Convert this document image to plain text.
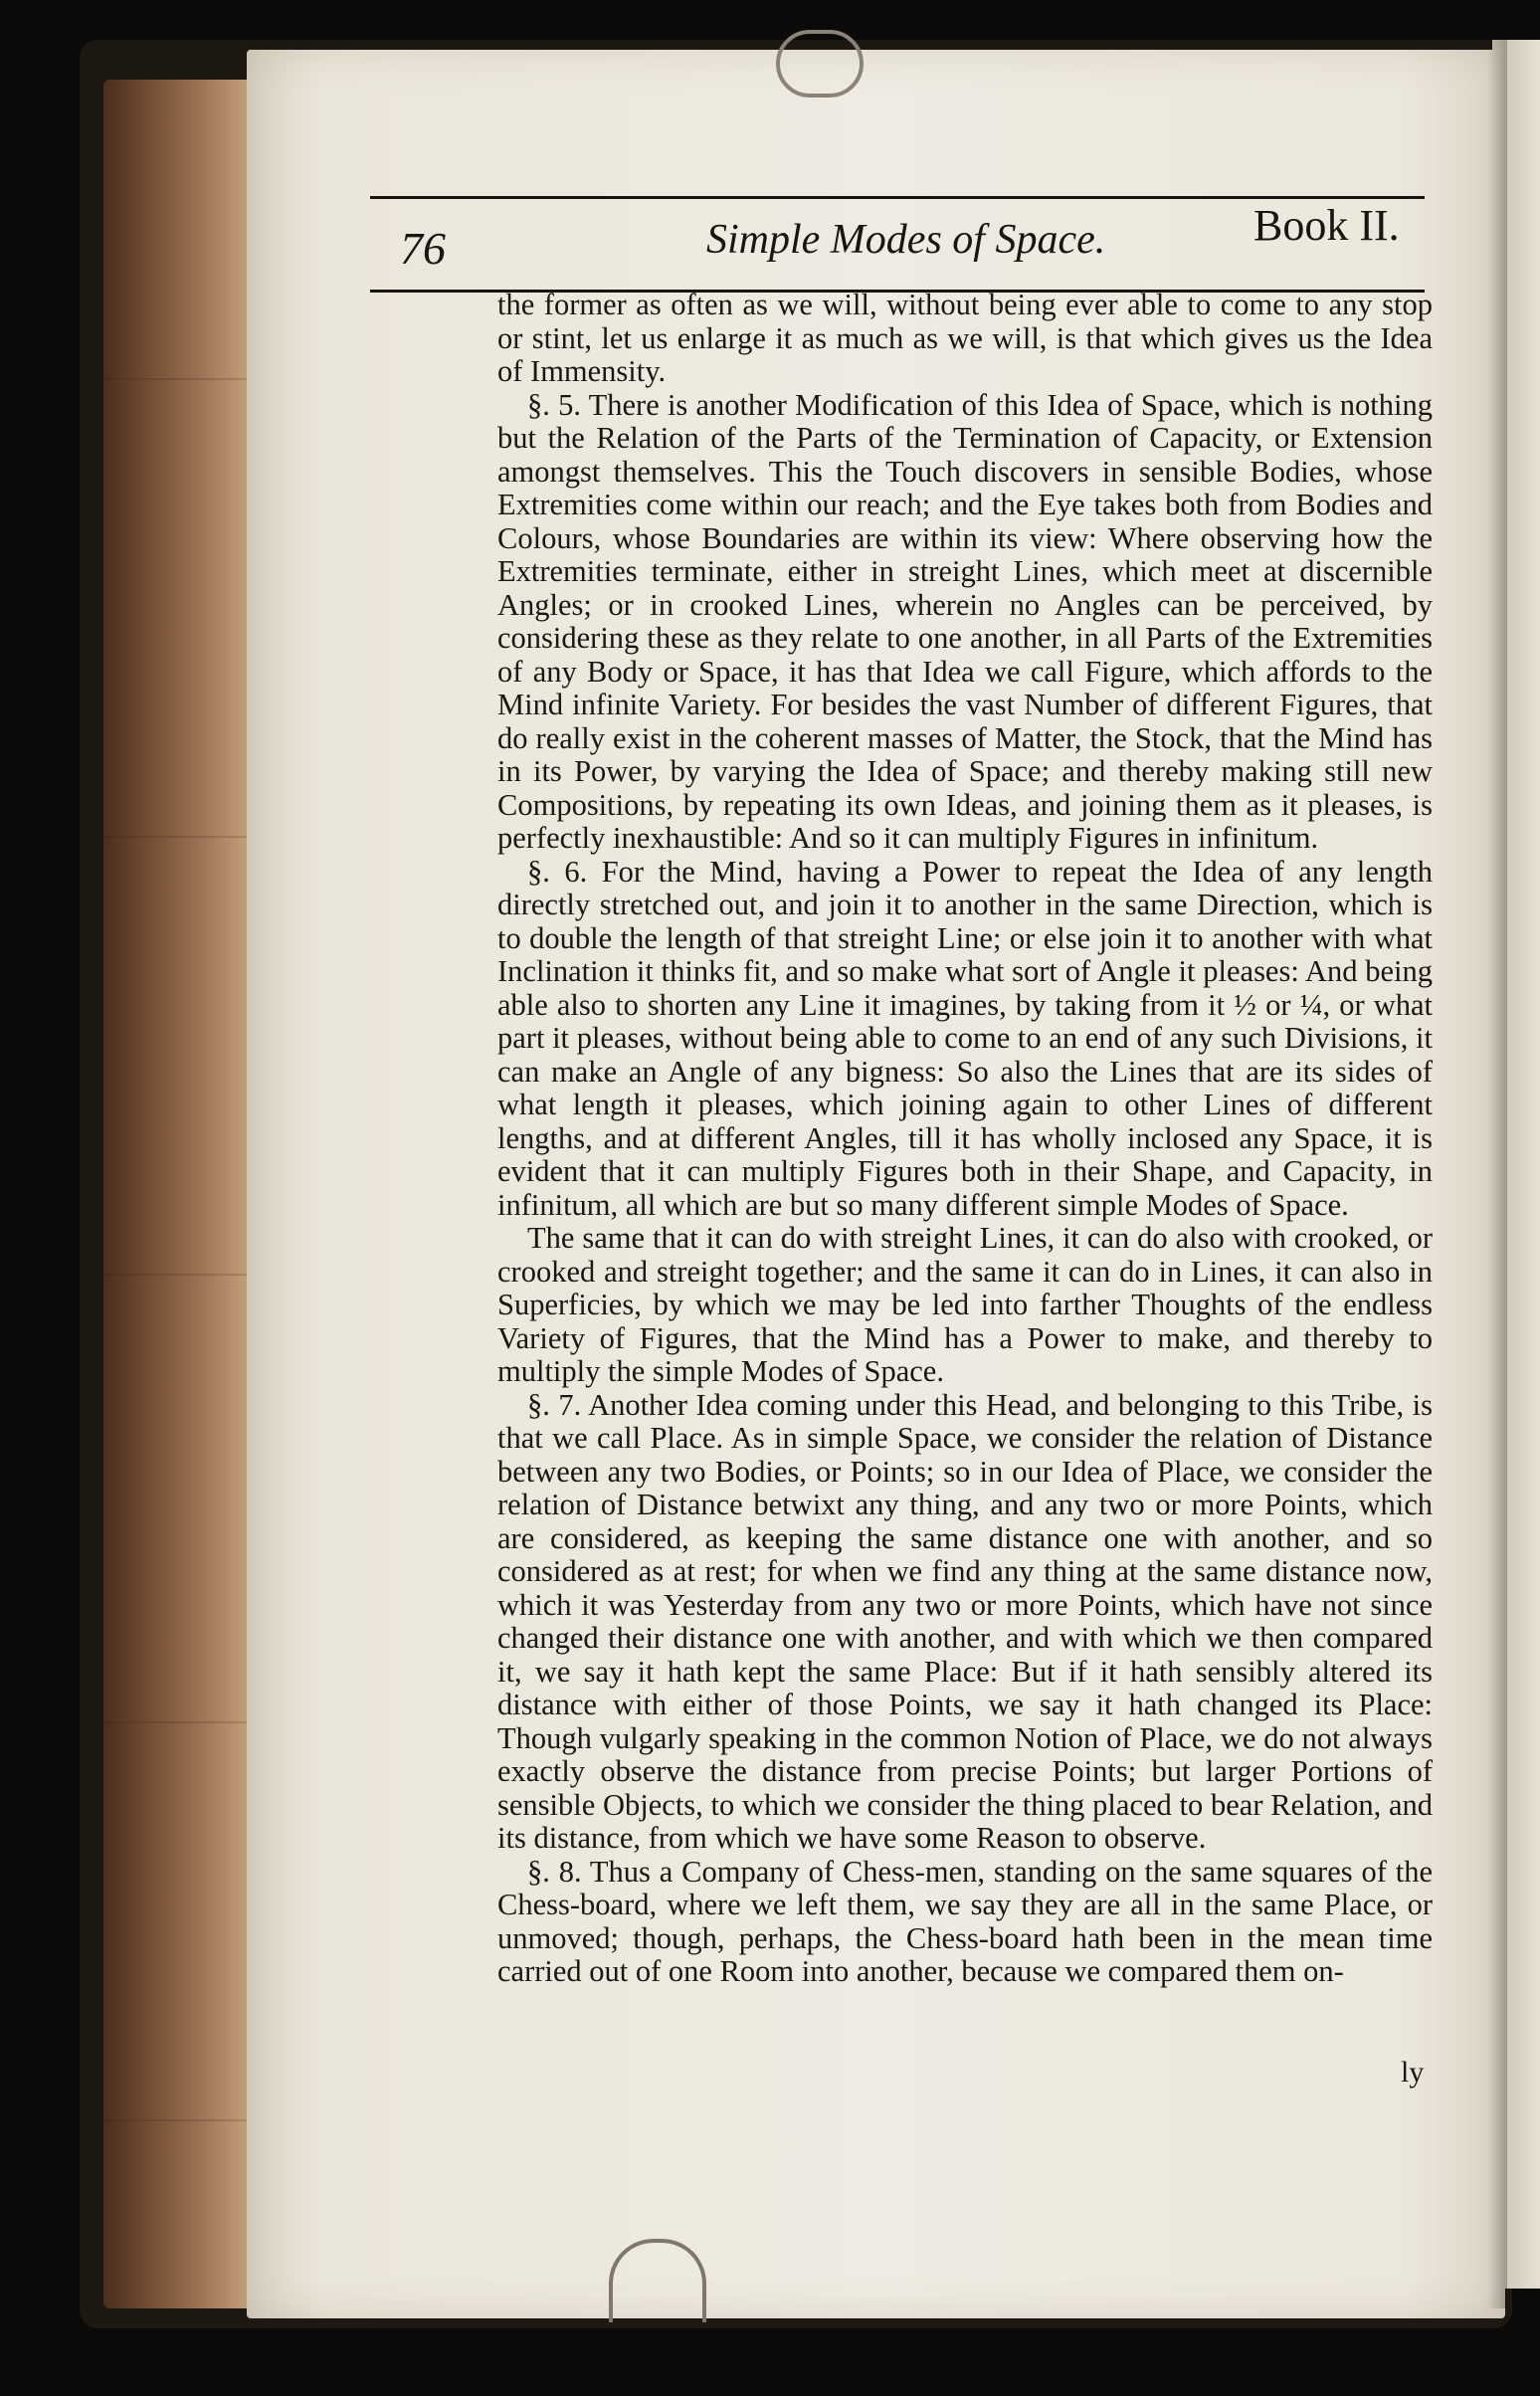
76	Simple Modes of Space.	Book II.

the former as often as we will, without being ever able to come to any stop or stint, let us enlarge it as much as we will, is that which gives us the Idea of Immensity.

§. 5. There is another Modification of this Idea of Space, which is nothing but the Relation of the Parts of the Termination of Capacity, or Extension amongst themselves. This the Touch discovers in sensible Bodies, whose Extremities come within our reach; and the Eye takes both from Bodies and Colours, whose Boundaries are within its view: Where observing how the Extremities terminate, either in streight Lines, which meet at discernible Angles; or in crooked Lines, wherein no Angles can be perceived, by considering these as they relate to one another, in all Parts of the Extremities of any Body or Space, it has that Idea we call Figure, which affords to the Mind infinite Variety. For besides the vast Number of different Figures, that do really exist in the coherent masses of Matter, the Stock, that the Mind has in its Power, by varying the Idea of Space; and thereby making still new Compositions, by repeating its own Ideas, and joining them as it pleases, is perfectly inexhaustible: And so it can multiply Figures in infinitum.

§. 6. For the Mind, having a Power to repeat the Idea of any length directly stretched out, and join it to another in the same Direction, which is to double the length of that streight Line; or else join it to another with what Inclination it thinks fit, and so make what sort of Angle it pleases: And being able also to shorten any Line it imagines, by taking from it ½ or ¼, or what part it pleases, without being able to come to an end of any such Divisions, it can make an Angle of any bigness: So also the Lines that are its sides of what length it pleases, which joining again to other Lines of different lengths, and at different Angles, till it has wholly inclosed any Space, it is evident that it can multiply Figures both in their Shape, and Capacity, in infinitum, all which are but so many different simple Modes of Space.

The same that it can do with streight Lines, it can do also with crooked, or crooked and streight together; and the same it can do in Lines, it can also in Superficies, by which we may be led into farther Thoughts of the endless Variety of Figures, that the Mind has a Power to make, and thereby to multiply the simple Modes of Space.

§. 7. Another Idea coming under this Head, and belonging to this Tribe, is that we call Place. As in simple Space, we consider the relation of Distance between any two Bodies, or Points; so in our Idea of Place, we consider the relation of Distance betwixt any thing, and any two or more Points, which are considered, as keeping the same distance one with another, and so considered as at rest; for when we find any thing at the same distance now, which it was Yesterday from any two or more Points, which have not since changed their distance one with another, and with which we then compared it, we say it hath kept the same Place: But if it hath sensibly altered its distance with either of those Points, we say it hath changed its Place: Though vulgarly speaking in the common Notion of Place, we do not always exactly observe the distance from precise Points; but larger Portions of sensible Objects, to which we consider the thing placed to bear Relation, and its distance, from which we have some Reason to observe.

§. 8. Thus a Company of Chess-men, standing on the same squares of the Chess-board, where we left them, we say they are all in the same Place, or unmoved; though, perhaps, the Chess-board hath been in the mean time carried out of one Room into another, because we compared them on-

ly
